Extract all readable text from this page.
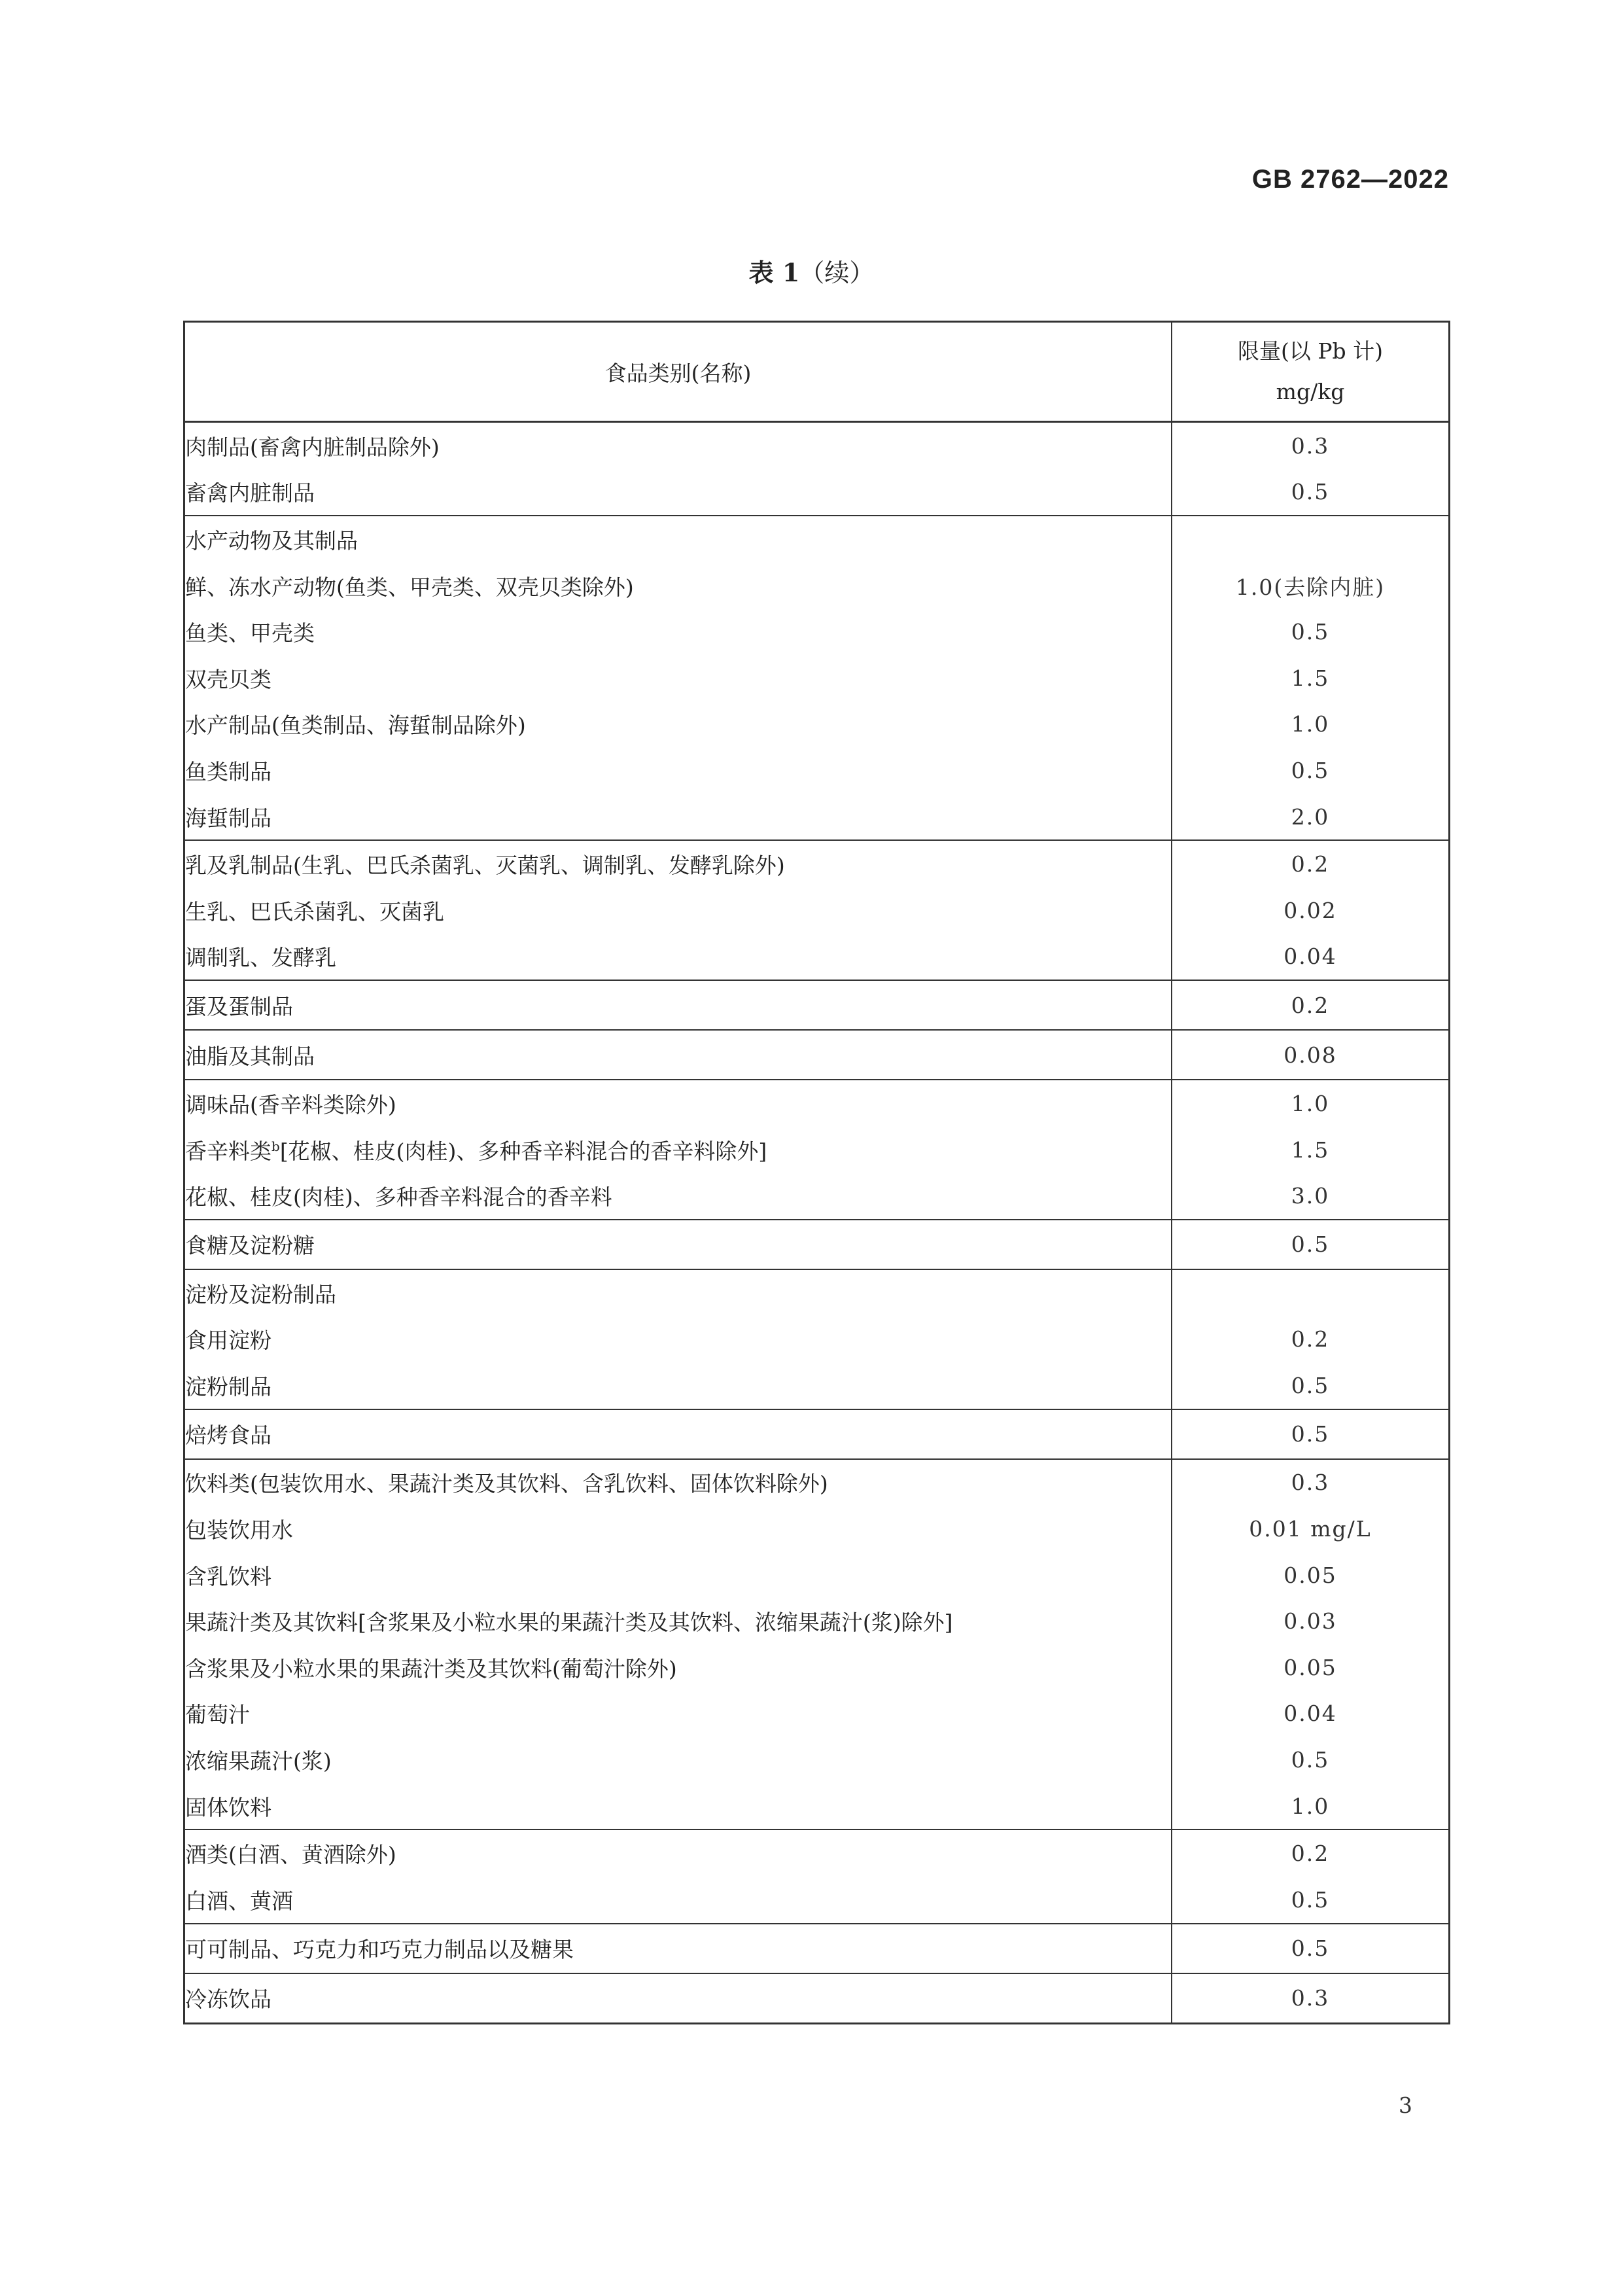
GB 2762—2022
表 1（续）
食品类别(名称)	限量(以 Pb 计)
mg/kg

肉制品(畜禽内脏制品除外)	0.3
畜禽内脏制品	0.5
水产动物及其制品	
鲜、冻水产动物(鱼类、甲壳类、双壳贝类除外)	1.0(去除内脏)
鱼类、甲壳类	0.5
双壳贝类	1.5
水产制品(鱼类制品、海蜇制品除外)	1.0
鱼类制品	0.5
海蜇制品	2.0
乳及乳制品(生乳、巴氏杀菌乳、灭菌乳、调制乳、发酵乳除外)	0.2
生乳、巴氏杀菌乳、灭菌乳	0.02
调制乳、发酵乳	0.04
蛋及蛋制品	0.2
油脂及其制品	0.08
调味品(香辛料类除外)	1.0
香辛料类$^b$[花椒、桂皮(肉桂)、多种香辛料混合的香辛料除外]	1.5
花椒、桂皮(肉桂)、多种香辛料混合的香辛料	3.0
食糖及淀粉糖	0.5
淀粉及淀粉制品	
食用淀粉	0.2
淀粉制品	0.5
焙烤食品	0.5
饮料类(包装饮用水、果蔬汁类及其饮料、含乳饮料、固体饮料除外)	0.3
包装饮用水	0.01 mg/L
含乳饮料	0.05
果蔬汁类及其饮料[含浆果及小粒水果的果蔬汁类及其饮料、浓缩果蔬汁(浆)除外]	0.03
含浆果及小粒水果的果蔬汁类及其饮料(葡萄汁除外)	0.05
葡萄汁	0.04
浓缩果蔬汁(浆)	0.5
固体饮料	1.0
酒类(白酒、黄酒除外)	0.2
白酒、黄酒	0.5
可可制品、巧克力和巧克力制品以及糖果	0.5
冷冻饮品	0.3
3
